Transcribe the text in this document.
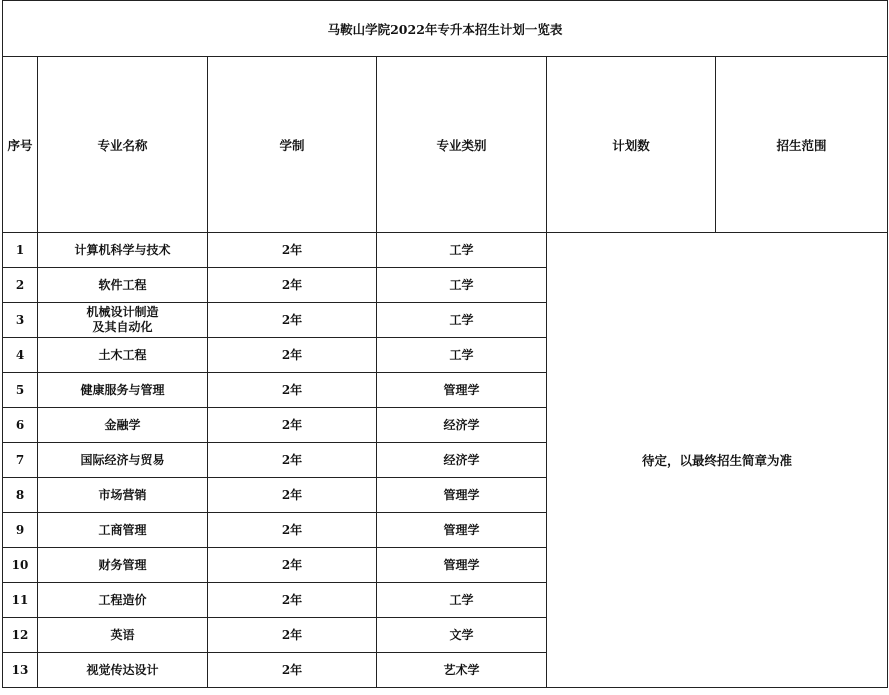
马鞍山学院2022年专升本招生计划一览表					
序号	专业名称	学制	专业类别	计划数	招生范围
1	计算机科学与技术	2年	工学	待定，以最终招生简章为准	
2	软件工程	2年	工学		
3	机械设计制造
及其自动化	2年	工学		
4	土木工程	2年	工学		
5	健康服务与管理	2年	管理学		
6	金融学	2年	经济学		
7	国际经济与贸易	2年	经济学		
8	市场营销	2年	管理学		
9	工商管理	2年	管理学		
10	财务管理	2年	管理学		
11	工程造价	2年	工学		
12	英语	2年	文学		
13	视觉传达设计	2年	艺术学		
